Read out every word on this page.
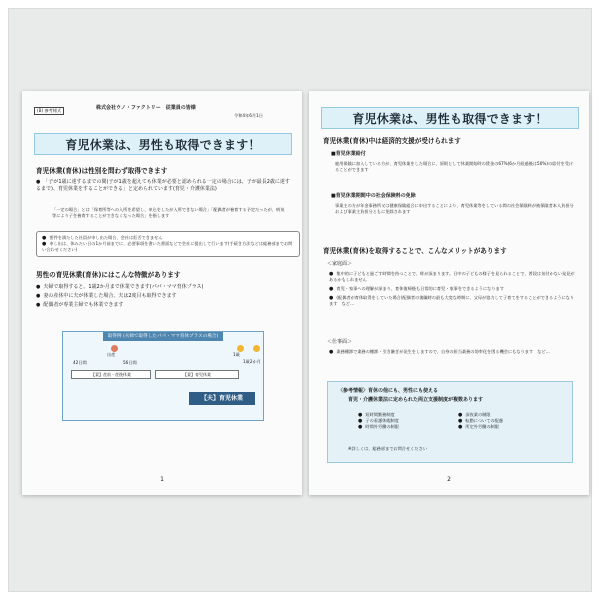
(B) 参考様式	株式会社ウノ・ファクトリー　従業員の皆様
令和4年6月1日
育児休業は、男性も取得できます！
育児休業(育休)は性別を問わず取得できます
● 「子が1歳に達するまでの間(子が1歳を超えても休業が必要と認められる一定の場合には、子が最長2歳に達するまで)、育児休業をすることができる」と定められています(育児・介護休業法)
「一定の場合」とは「保育所等への入所を希望し、申込をしたが入所できない場合」「配偶者が養育する予定だったが、病気等により子を養育することができなくなった場合」を指します
● 要件を満たした社員が申し出た場合、会社は拒否できません
● 申し出は、休みたい日の1か月前までに、必要事項を書いた書面などで会社に提出して行います(手続き方法などは総務部までお問い合わせください)
男性の育児休業(育休)にはこんな特徴があります
● 夫婦で取得すると、1歳2か月まで休業できます(パパ・ママ育休プラス)
● 妻の産休中に夫が休業した場合、夫は2度目も取得できます
● 配偶者が専業主婦でも休業できます
取得例 (夫婦で取得したパパ・ママ育休プラスの場合)
出産	1歳
1歳2か月
42日間	56日間
【妻】産前・産後休業	【妻】育児休業
【夫】育児休業
1
育児休業は、男性も取得できます！
育児休業(育休)中は経済的支援が受けられます
■育児休業給付
雇用保険に加入している方が、育児休業をした場合に、原則として休業開始時の賃金の67%(6か月経過後は50%)の給付を受けることができます
■育児休業期間中の社会保険料の免除
事業主の方が年金事務所又は健康保険組合に申出することにより、育児休業等をしている間の社会保険料が被保険者本人負担分および事業主負担分ともに免除されます
育児休業(育休)を取得することで、こんなメリットがあります
＜家庭面＞
● 集中的に子どもと過ごす時間を持つことで、絆が深まります。日中の子どもの様子を見られることで、普段は気付かない発見があるかもしれません
● 育児・家事への理解が深まり、育休復帰後も日常的に育児・家事をできるようになります
● (配偶者が育休取得をしていた場合)配偶者の復職時の最も大変な時期に、父母が協力して子育てをすることができるようになります　など…
＜仕事面＞
● 業務棚卸で業務の棚卸・引き継ぎが発生をしますので、自身の担当業務の効率化を図る機会にもなります　など…
〈参考情報〉育休の他にも、男性にも使える
育児・介護休業法に定められた両立支援制度が複数あります
● 短時間勤務制度
● 子の看護休暇制度
● 時間外労働の制限
● 深夜業の制限
● 転勤についての配慮
● 所定外労働の制限
※詳しくは、総務部までお問合せください
2
